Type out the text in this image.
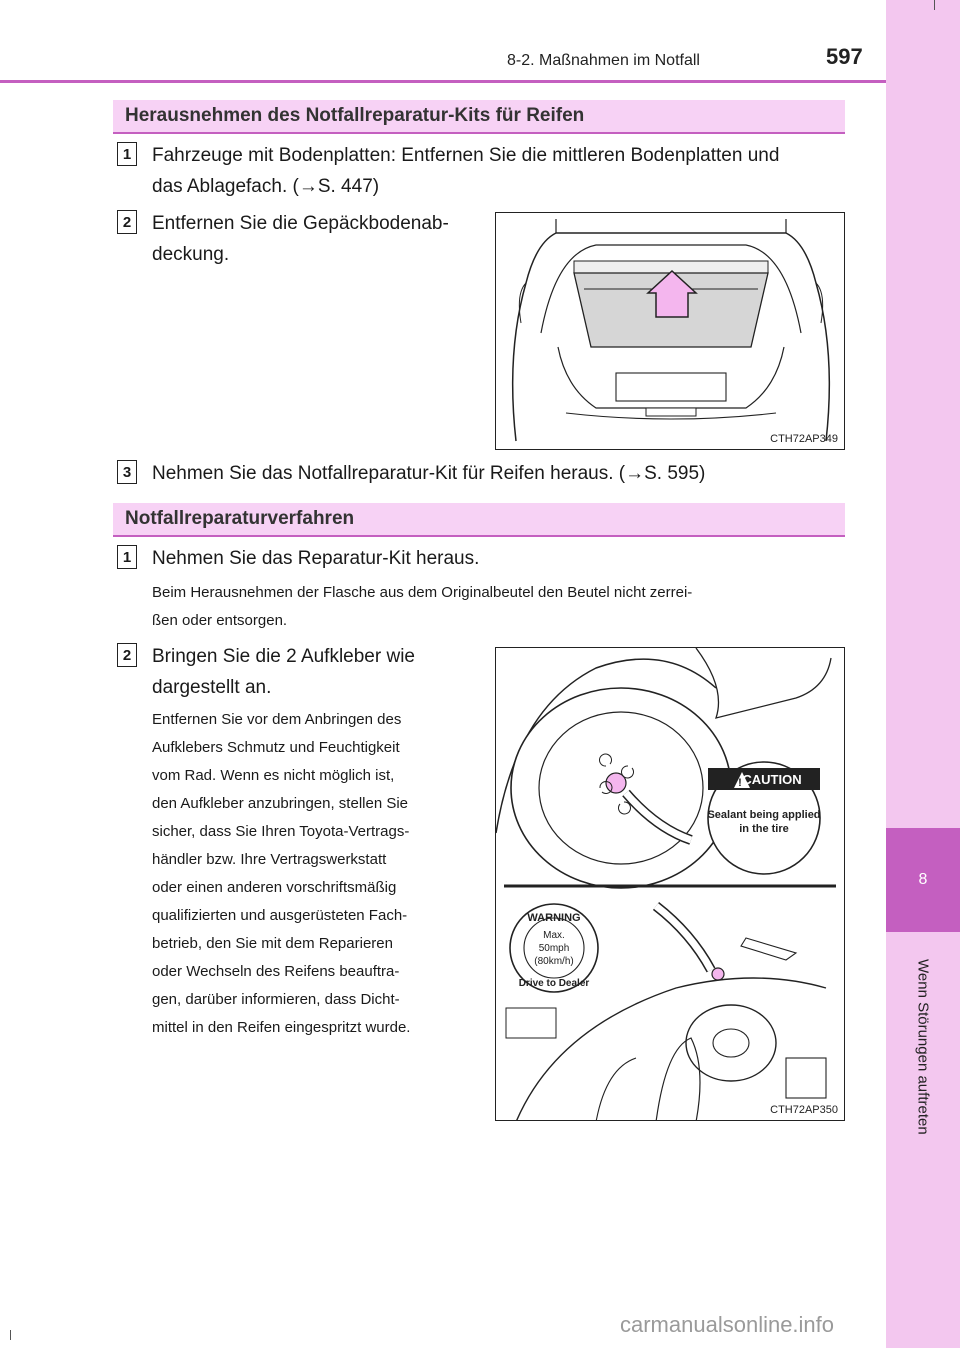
8
Wenn Störungen auftreten
8-2. Maßnahmen im Notfall	597
Herausnehmen des Notfallreparatur-Kits für Reifen
1	Fahrzeuge mit Bodenplatten: Entfernen Sie die mittleren Bodenplatten und
das Ablagefach. (→S. 447)
2	Entfernen Sie die Gepäckbodenab-
deckung.
CTH72AP349
3	Nehmen Sie das Notfallreparatur-Kit für Reifen heraus. (→S. 595)
Notfallreparaturverfahren
1	Nehmen Sie das Reparatur-Kit heraus.
Beim Herausnehmen der Flasche aus dem Originalbeutel den Beutel nicht zerrei-
ßen oder entsorgen.
2	Bringen Sie die 2 Aufkleber wie
dargestellt an.
Entfernen Sie vor dem Anbringen des
Aufklebers Schmutz und Feuchtigkeit
vom Rad. Wenn es nicht möglich ist,
den Aufkleber anzubringen, stellen Sie
sicher, dass Sie Ihren Toyota-Vertrags-
händler bzw. Ihre Vertragswerkstatt
oder einen anderen vorschriftsmäßig
qualifizierten und ausgerüsteten Fach-
betrieb, den Sie mit dem Reparieren
oder Wechseln des Reifens beauftra-
gen, darüber informieren, dass Dicht-
mittel in den Reifen eingespritzt wurde.
! CAUTION
Sealant being applied
in the tire
WARNING
Max.
50mph
(80km/h)
Drive to Dealer
CTH72AP350
carmanualsonline.info
